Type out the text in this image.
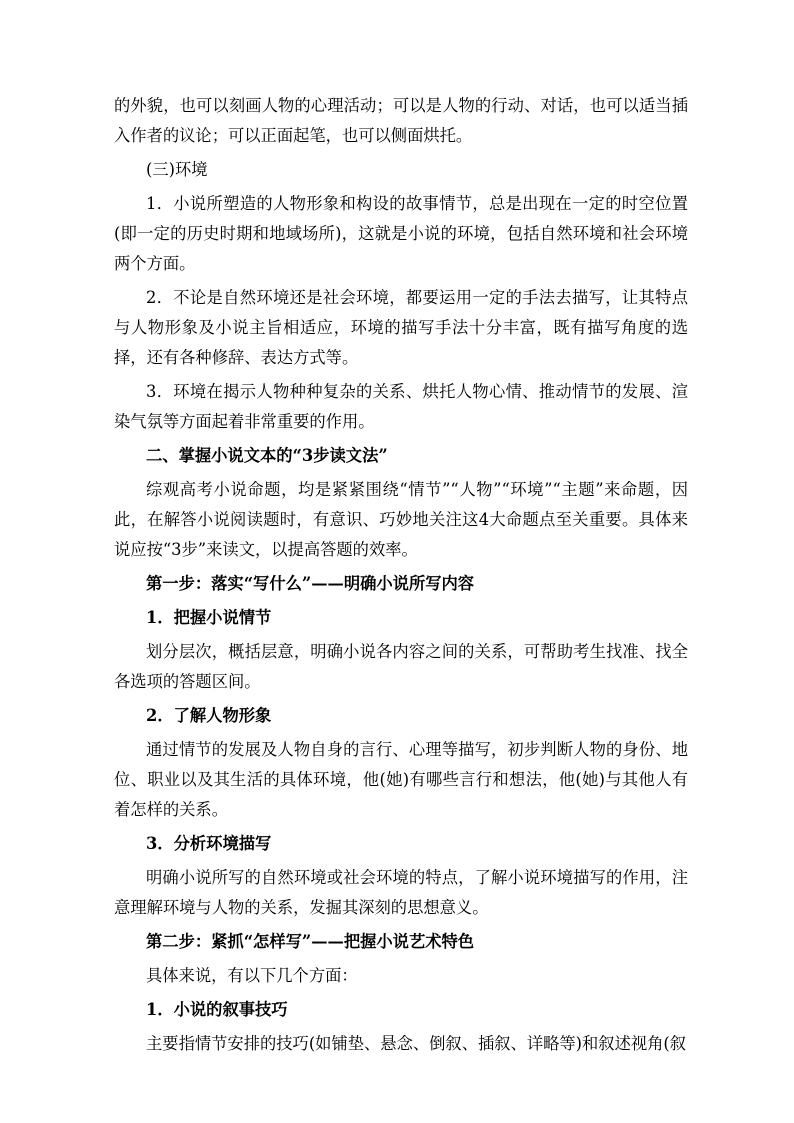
的外貌，也可以刻画人物的心理活动；可以是人物的行动、对话，也可以适当插入作者的议论；可以正面起笔，也可以侧面烘托。

(三)环境

1．小说所塑造的人物形象和构设的故事情节，总是出现在一定的时空位置(即一定的历史时期和地域场所)，这就是小说的环境，包括自然环境和社会环境两个方面。

2．不论是自然环境还是社会环境，都要运用一定的手法去描写，让其特点与人物形象及小说主旨相适应，环境的描写手法十分丰富，既有描写角度的选择，还有各种修辞、表达方式等。

3．环境在揭示人物种种复杂的关系、烘托人物心情、推动情节的发展、渲染气氛等方面起着非常重要的作用。

二、掌握小说文本的“3步读文法”

综观高考小说命题，均是紧紧围绕“情节”“人物”“环境”“主题”来命题，因此，在解答小说阅读题时，有意识、巧妙地关注这4大命题点至关重要。具体来说应按“3步”来读文，以提高答题的效率。

第一步：落实“写什么”——明确小说所写内容

1．把握小说情节

划分层次，概括层意，明确小说各内容之间的关系，可帮助考生找准、找全各选项的答题区间。

2．了解人物形象

通过情节的发展及人物自身的言行、心理等描写，初步判断人物的身份、地位、职业以及其生活的具体环境，他(她)有哪些言行和想法，他(她)与其他人有着怎样的关系。

3．分析环境描写

明确小说所写的自然环境或社会环境的特点，了解小说环境描写的作用，注意理解环境与人物的关系，发掘其深刻的思想意义。

第二步：紧抓“怎样写”——把握小说艺术特色

具体来说，有以下几个方面：

1．小说的叙事技巧

主要指情节安排的技巧(如铺垫、悬念、倒叙、插叙、详略等)和叙述视角(叙
